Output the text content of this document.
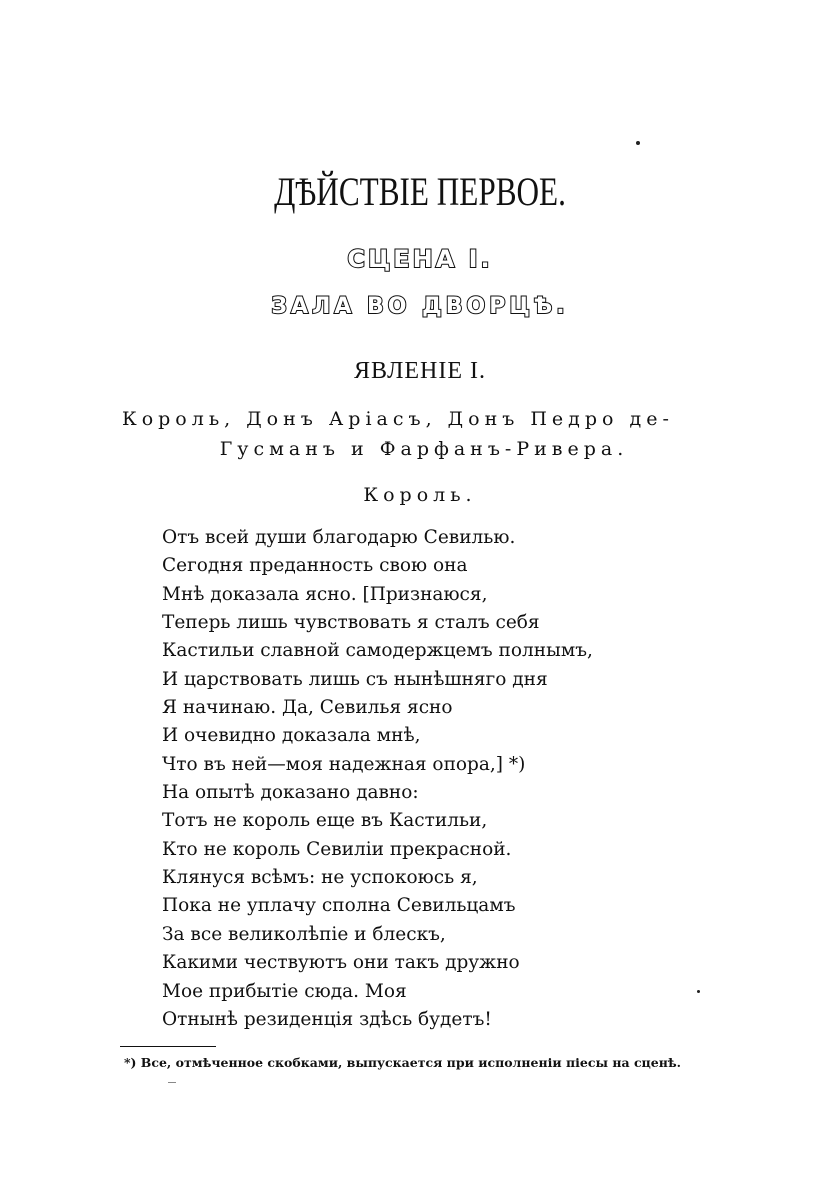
ДѢЙСТВІЕ ПЕРВОЕ.
СЦЕНА I.
ЗАЛА ВО ДВОРЦѢ.
ЯВЛЕНІЕ I.
Король, Донъ Аріасъ, Донъ Педро де-
Гусманъ и Фарфанъ-Ривера.
Король.
Отъ всей души благодарю Севилью.
Сегодня преданность свою она
Мнѣ доказала ясно. [Признаюся,
Теперь лишь чувствовать я сталъ себя
Кастильи славной самодержцемъ полнымъ,
И царствовать лишь съ нынѣшняго дня
Я начинаю. Да, Севилья ясно
И очевидно доказала мнѣ,
Что въ ней—моя надежная опора,] *)
На опытѣ доказано давно:
Тотъ не король еще въ Кастильи,
Кто не король Севиліи прекрасной.
Клянуся всѣмъ: не успокоюсь я,
Пока не уплачу сполна Севильцамъ
За все великолѣпіе и блескъ,
Какими чествуютъ они такъ дружно
Мое прибытіе сюда. Моя
Отнынѣ резиденція здѣсь будетъ!
*) Все, отмѣченное скобками, выпускается при исполненіи піесы на сценѣ.
